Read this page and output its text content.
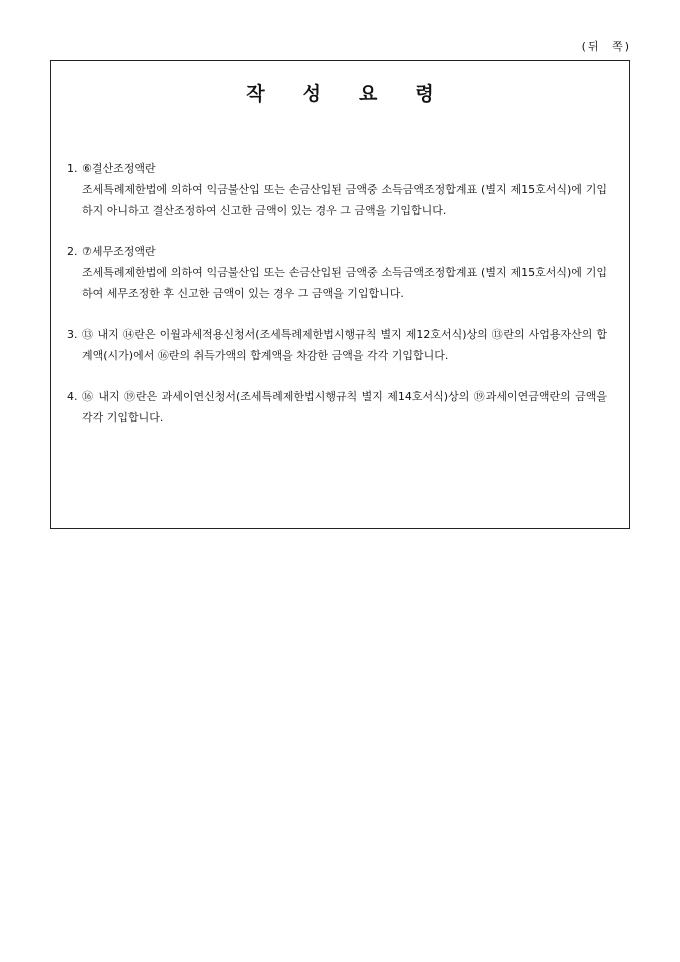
(뒤 쪽)
작 성 요 령
1. ⑥결산조정액란

조세특례제한법에 의하여 익금불산입 또는 손금산입된 금액중 소득금액조정합계표 (별지 제15호서식)에 기입하지 아니하고 결산조정하여 신고한 금액이 있는 경우 그 금액을 기입합니다.

2. ⑦세무조정액란

조세특례제한법에 의하여 익금불산입 또는 손금산입된 금액중 소득금액조정합계표 (별지 제15호서식)에 기입하여 세무조정한 후 신고한 금액이 있는 경우 그 금액을 기입합니다.

3. ⑬ 내지 ⑭란은 이월과세적용신청서(조세특례제한법시행규칙 별지 제12호서식)상의 ⑬란의 사업용자산의 합계액(시가)에서 ⑯란의 취득가액의 합계액을 차감한 금액을 각각 기입합니다.

4. ⑯ 내지 ⑲란은 과세이연신청서(조세특례제한법시행규칙 별지 제14호서식)상의 ⑲과세이연금액란의 금액을 각각 기입합니다.
